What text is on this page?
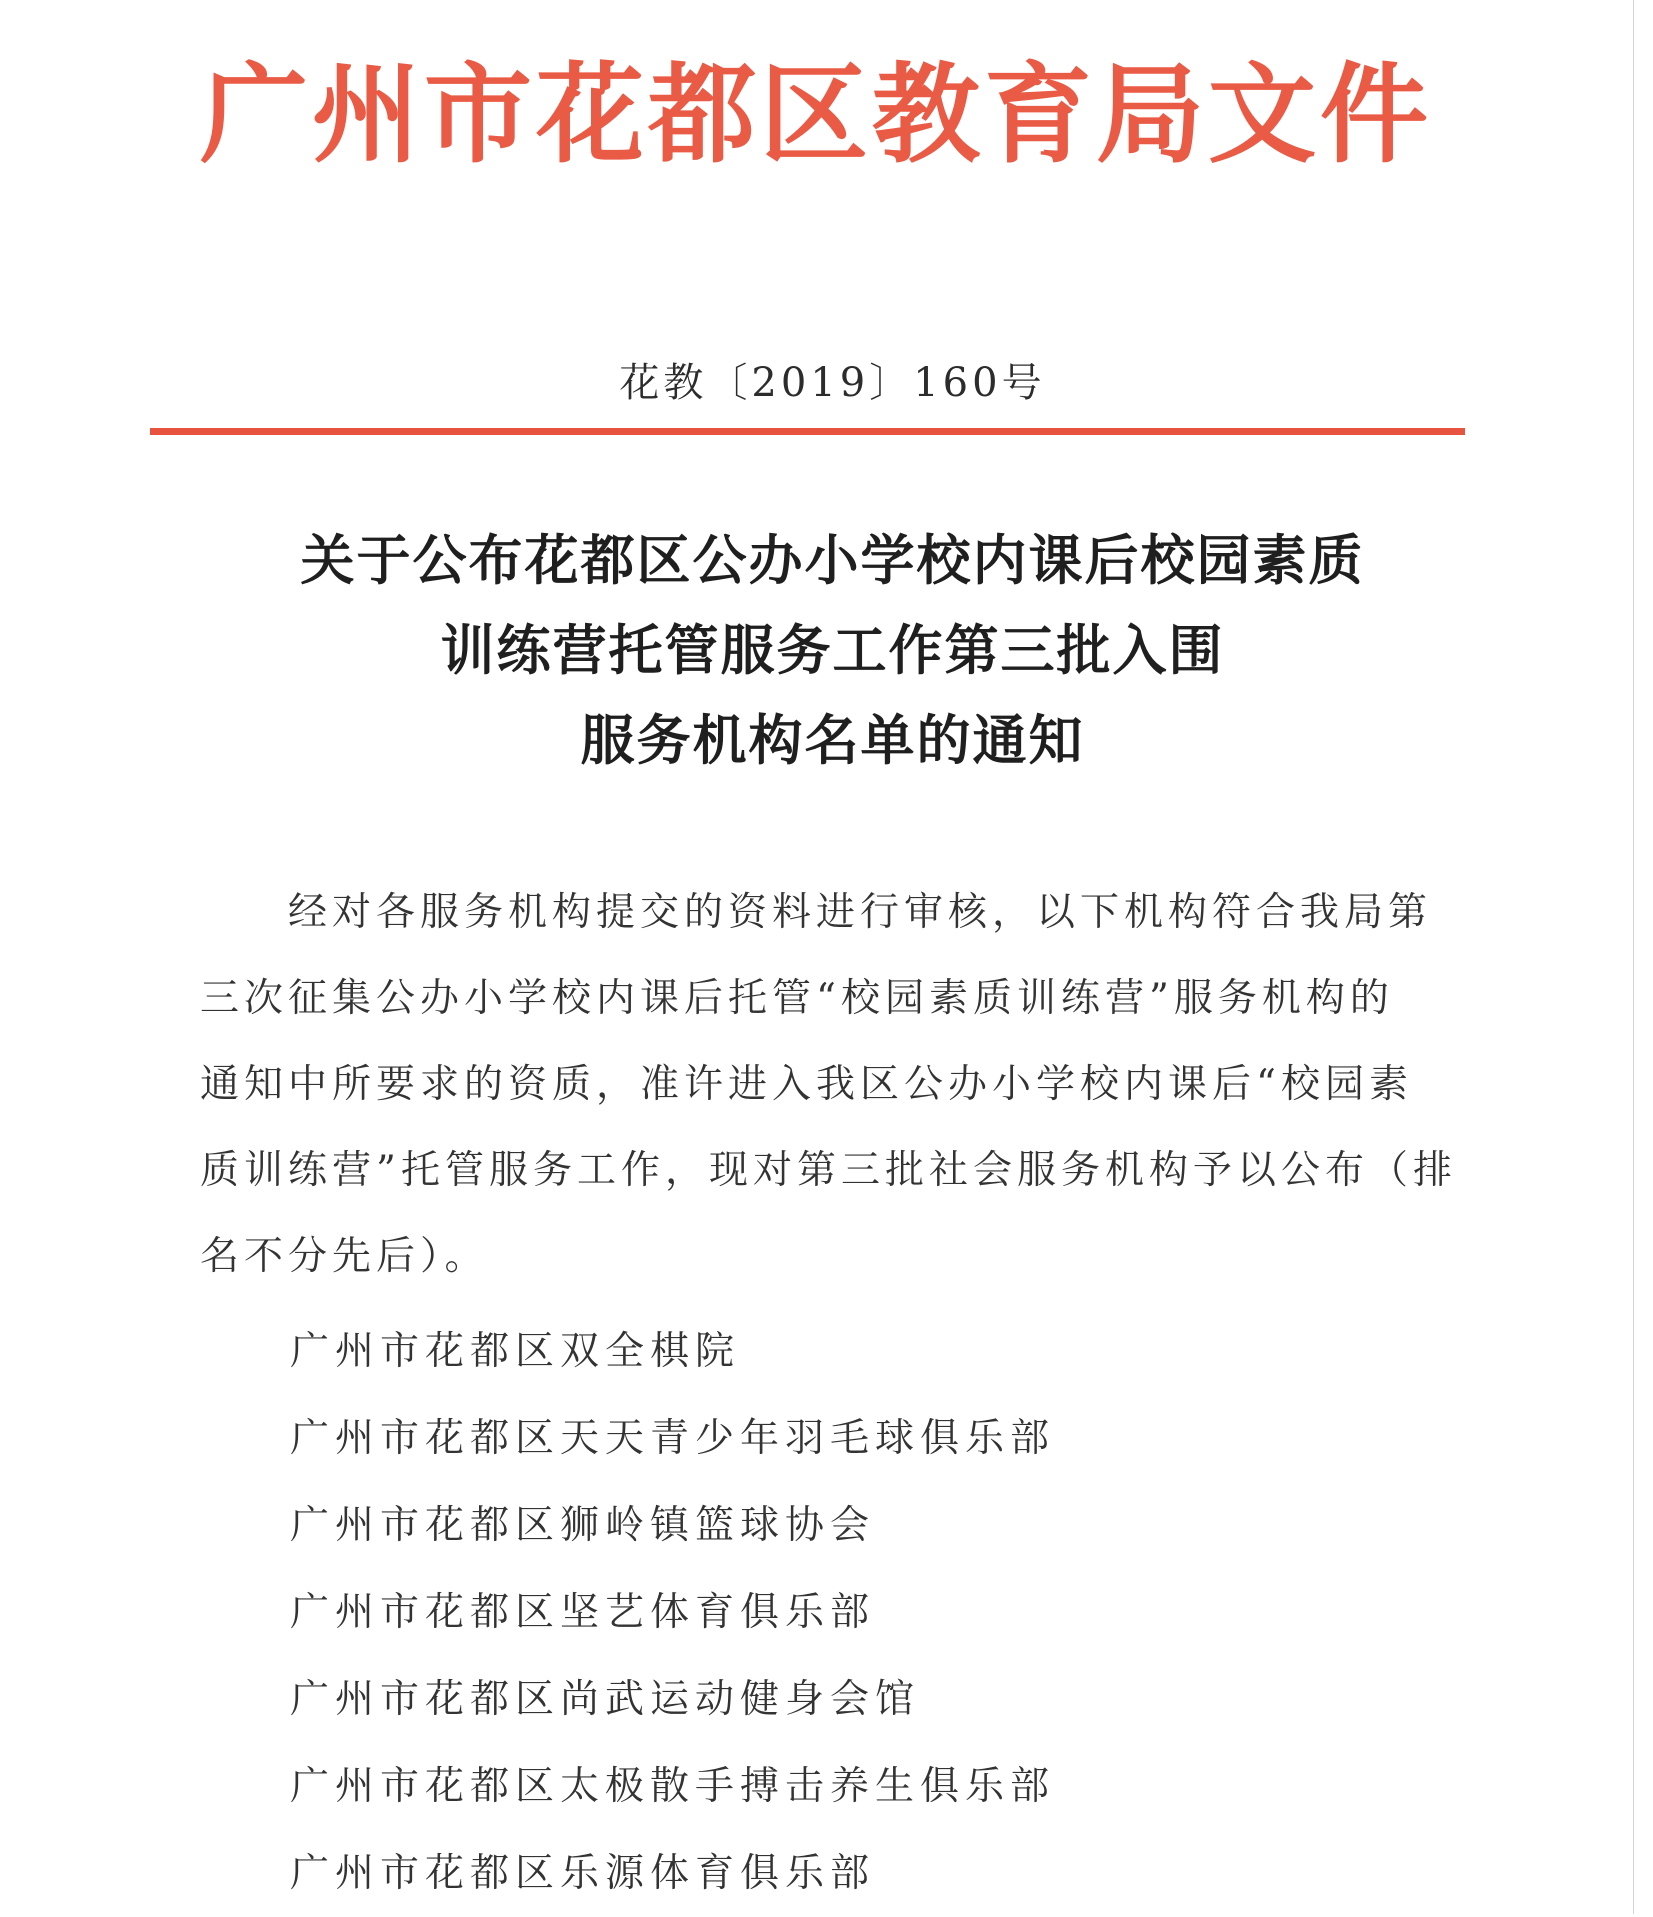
广州市花都区教育局文件
花教〔2019〕160号
关于公布花都区公办小学校内课后校园素质
训练营托管服务工作第三批入围
服务机构名单的通知
经对各服务机构提交的资料进行审核，以下机构符合我局第
三次征集公办小学校内课后托管“校园素质训练营”服务机构的
通知中所要求的资质，准许进入我区公办小学校内课后“校园素
质训练营”托管服务工作，现对第三批社会服务机构予以公布（排
名不分先后）。
广州市花都区双全棋院
广州市花都区天天青少年羽毛球俱乐部
广州市花都区狮岭镇篮球协会
广州市花都区坚艺体育俱乐部
广州市花都区尚武运动健身会馆
广州市花都区太极散手搏击养生俱乐部
广州市花都区乐源体育俱乐部
